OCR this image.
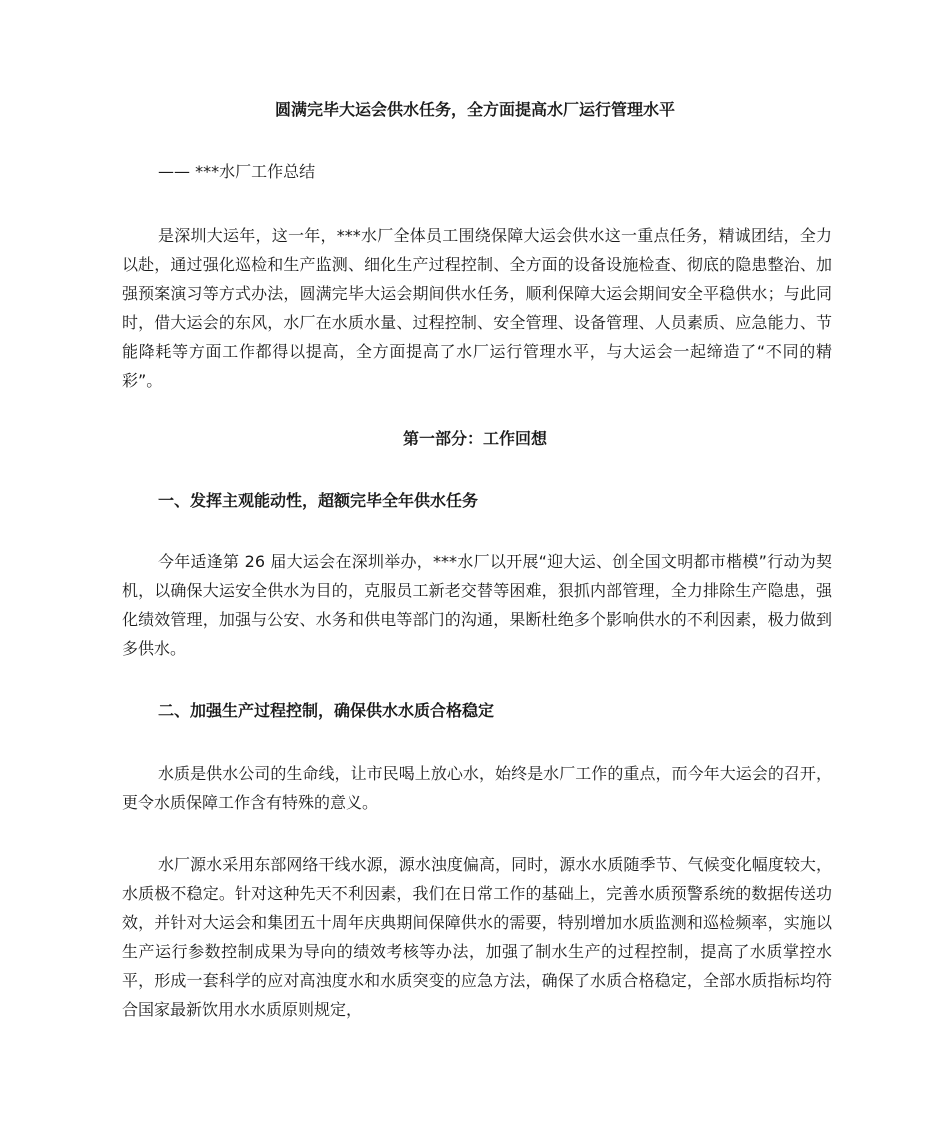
圆满完毕大运会供水任务，全方面提高水厂运行管理水平
—— ***水厂工作总结

是深圳大运年，这一年，***水厂全体员工围绕保障大运会供水这一重点任务，精诚团结，全力以赴，通过强化巡检和生产监测、细化生产过程控制、全方面的设备设施检查、彻底的隐患整治、加强预案演习等方式办法，圆满完毕大运会期间供水任务，顺利保障大运会期间安全平稳供水；与此同时，借大运会的东风，水厂在水质水量、过程控制、安全管理、设备管理、人员素质、应急能力、节能降耗等方面工作都得以提高，全方面提高了水厂运行管理水平，与大运会一起缔造了“不同的精彩”。

第一部分：工作回想
一、发挥主观能动性，超额完毕全年供水任务

今年适逢第 26 届大运会在深圳举办，***水厂以开展“迎大运、创全国文明都市楷模”行动为契机，以确保大运安全供水为目的，克服员工新老交替等困难，狠抓内部管理，全力排除生产隐患，强化绩效管理，加强与公安、水务和供电等部门的沟通，果断杜绝多个影响供水的不利因素，极力做到多供水。

二、加强生产过程控制，确保供水水质合格稳定

水质是供水公司的生命线，让市民喝上放心水，始终是水厂工作的重点，而今年大运会的召开，更令水质保障工作含有特殊的意义。

水厂源水采用东部网络干线水源，源水浊度偏高，同时，源水水质随季节、气候变化幅度较大，水质极不稳定。针对这种先天不利因素，我们在日常工作的基础上，完善水质预警系统的数据传送功效，并针对大运会和集团五十周年庆典期间保障供水的需要，特别增加水质监测和巡检频率，实施以生产运行参数控制成果为导向的绩效考核等办法，加强了制水生产的过程控制，提高了水质掌控水平，形成一套科学的应对高浊度水和水质突变的应急方法，确保了水质合格稳定，全部水质指标均符合国家最新饮用水水质原则规定，
